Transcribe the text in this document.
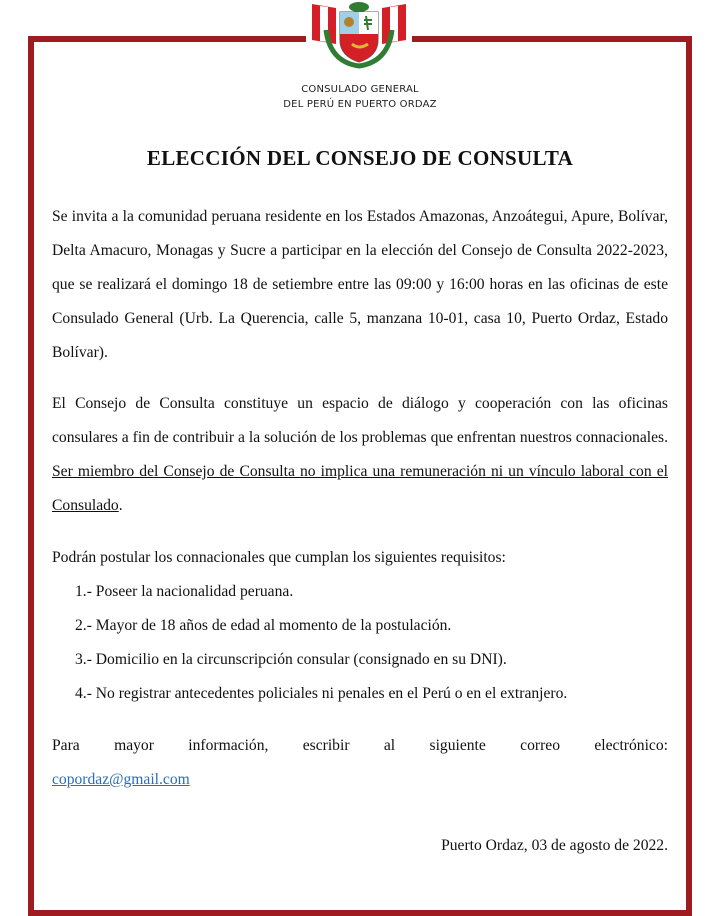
CONSULADO GENERAL
DEL PERÚ EN PUERTO ORDAZ
ELECCIÓN DEL CONSEJO DE CONSULTA
Se invita a la comunidad peruana residente en los Estados Amazonas, Anzoátegui, Apure, Bolívar, Delta Amacuro, Monagas y Sucre a participar en la elección del Consejo de Consulta 2022-2023, que se realizará el domingo 18 de setiembre entre las 09:00 y 16:00 horas en las oficinas de este Consulado General (Urb. La Querencia, calle 5, manzana 10-01, casa 10, Puerto Ordaz, Estado Bolívar).
El Consejo de Consulta constituye un espacio de diálogo y cooperación con las oficinas consulares a fin de contribuir a la solución de los problemas que enfrentan nuestros connacionales. Ser miembro del Consejo de Consulta no implica una remuneración ni un vínculo laboral con el Consulado.
Podrán postular los connacionales que cumplan los siguientes requisitos:
1.- Poseer la nacionalidad peruana.
2.- Mayor de 18 años de edad al momento de la postulación.
3.- Domicilio en la circunscripción consular (consignado en su DNI).
4.- No registrar antecedentes policiales ni penales en el Perú o en el extranjero.
Para mayor información, escribir al siguiente correo electrónico:
copordaz@gmail.com
Puerto Ordaz, 03 de agosto de 2022.
